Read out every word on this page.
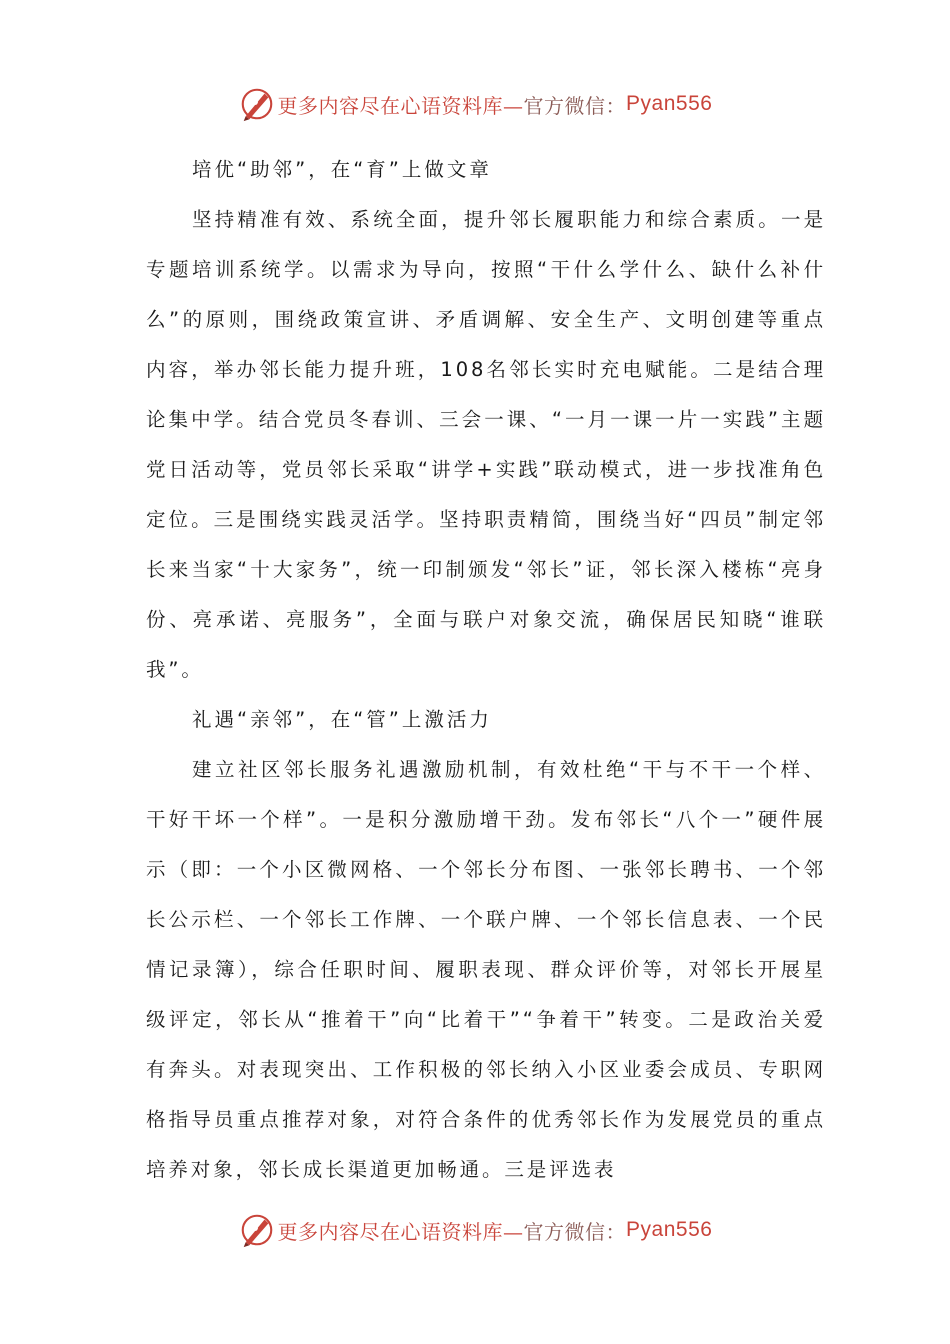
更多内容尽在心语资料库— 官方微信： Pyan556

培优“助邻”，在“育”上做文章

坚持精准有效、系统全面，提升邻长履职能力和综合素质。一是专题培训系统学。以需求为导向，按照“干什么学什么、缺什么补什么”的原则，围绕政策宣讲、矛盾调解、安全生产、文明创建等重点内容，举办邻长能力提升班，108名邻长实时充电赋能。二是结合理论集中学。结合党员冬春训、三会一课、“一月一课一片一实践”主题党日活动等，党员邻长采取“讲学+实践”联动模式，进一步找准角色定位。三是围绕实践灵活学。坚持职责精简，围绕当好“四员”制定邻长来当家“十大家务”，统一印制颁发“邻长”证，邻长深入楼栋“亮身份、亮承诺、亮服务”，全面与联户对象交流，确保居民知晓“谁联我”。

礼遇“亲邻”，在“管”上激活力

建立社区邻长服务礼遇激励机制，有效杜绝“干与不干一个样、干好干坏一个样”。一是积分激励增干劲。发布邻长“八个一”硬件展示（即：一个小区微网格、一个邻长分布图、一张邻长聘书、一个邻长公示栏、一个邻长工作牌、一个联户牌、一个邻长信息表、一个民情记录簿），综合任职时间、履职表现、群众评价等，对邻长开展星级评定，邻长从“推着干”向“比着干”“争着干”转变。二是政治关爱有奔头。对表现突出、工作积极的邻长纳入小区业委会成员、专职网格指导员重点推荐对象，对符合条件的优秀邻长作为发展党员的重点培养对象，邻长成长渠道更加畅通。三是评选表

更多内容尽在心语资料库— 官方微信： Pyan556
